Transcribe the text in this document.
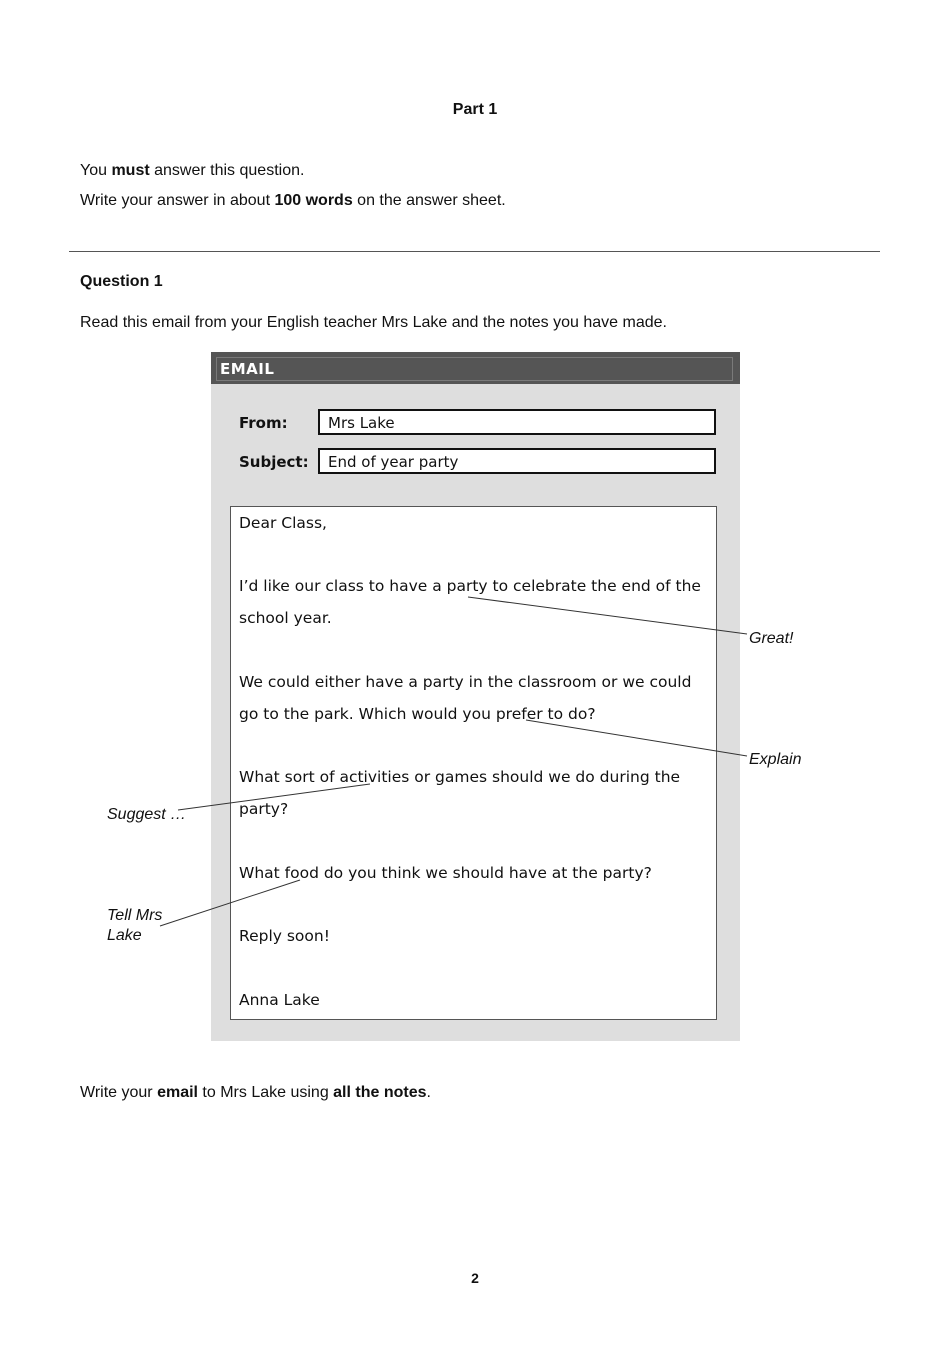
Part 1
You must answer this question.
Write your answer in about 100 words on the answer sheet.
Question 1
Read this email from your English teacher Mrs Lake and the notes you have made.
EMAIL
From:	Mrs Lake
Subject:	End of year party
Dear Class,
I’d like our class to have a party to celebrate the end of the
school year.
We could either have a party in the classroom or we could
go to the park. Which would you prefer to do?
What sort of activities or games should we do during the
party?
What food do you think we should have at the party?
Reply soon!
Anna Lake
Great!
Explain
Suggest …
Tell Mrs
Lake
Write your email to Mrs Lake using all the notes.
2
